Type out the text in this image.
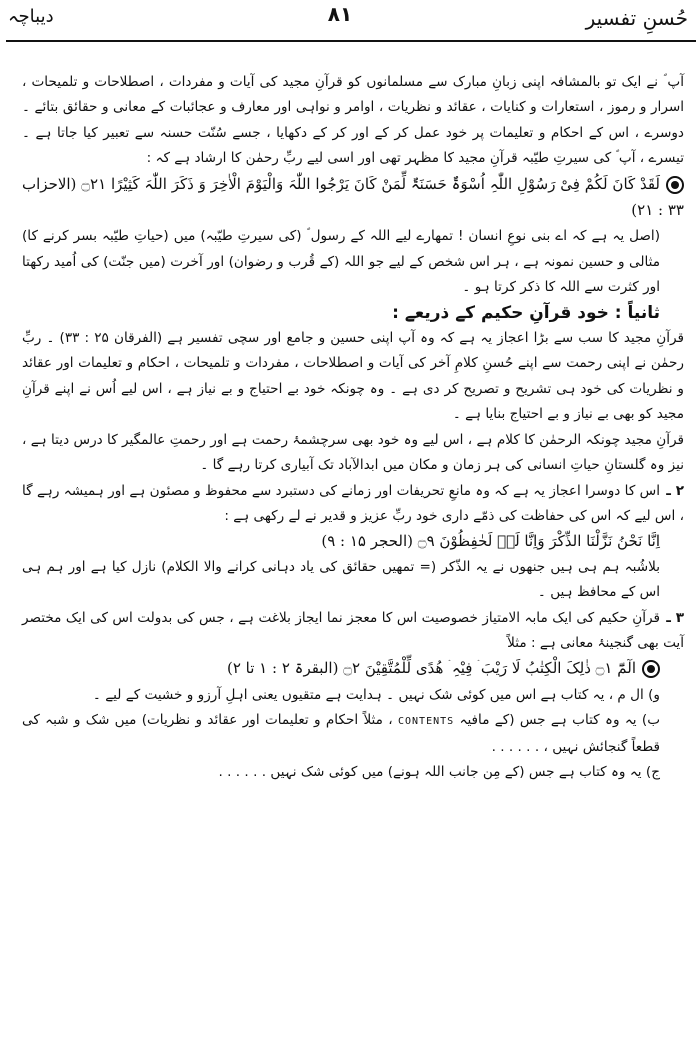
حُسنِ تفسیر
۸۱
دیباچہ

آپ ؐ نے ایک تو بالمشافہ اپنی زبانِ مبارک سے مسلمانوں کو قرآنِ مجید کی آیات و مفردات ، اصطلاحات و تلمیحات ، اسرار و رموز ، استعارات و کنایات ، عقائد و نظریات ، اوامر و نواہی اور معارف و عجائبات کے معانی و حقائق بتائے ۔ دوسرے ، اس کے احکام و تعلیمات پر خود عمل کر کے اور کر کے دکھایا ، جسے سُنّت حسنہ سے تعبیر کیا جاتا ہے ۔ تیسرے ، آپ ؐ کی سیرتِ طیّبہ قرآنِ مجید کا مظہر تھی اور اسی لیے ربِّ رحمٰن کا ارشاد ہے کہ :

لَقَدْ کَانَ لَکُمْ فِیْ رَسُوْلِ اللّٰہِ اُسْوَۃٌ حَسَنَۃٌ لِّمَنْ کَانَ یَرْجُوا اللّٰہَ وَالْیَوْمَ الْاٰخِرَ وَ ذَکَرَ اللّٰہَ کَثِیْرًا ۝۲۱ (الاحزاب ۳۳ : ۲۱)

(اصل یہ ہے کہ اے بنی نوعِ انسان ! تمھارے لیے اللہ کے رسول ؐ (کی سیرتِ طیّبہ) میں (حیاتِ طیّبہ بسر کرنے کا) مثالی و حسین نمونہ ہے ، ہر اس شخص کے لیے جو اللہ (کے قُرب و رضوان) اور آخرت (میں جنّت) کی اُمید رکھتا اور کثرت سے اللہ کا ذکر کرتا ہو ۔

ثانیاً : خود قرآنِ حکیم کے ذریعے :

قرآنِ مجید کا سب سے بڑا اعجاز یہ ہے کہ وہ آپ اپنی حسین و جامع اور سچی تفسیر ہے (الفرقان ۲۵ : ۳۳) ۔ ربِّ رحمٰن نے اپنی رحمت سے اپنے حُسنِ کلامِ آخر کی آیات و اصطلاحات ، مفردات و تلمیحات ، احکام و تعلیمات اور عقائد و نظریات کی خود ہی تشریح و تصریح کر دی ہے ۔ وہ چونکہ خود بے احتیاج و بے نیاز ہے ، اس لیے اُس نے اپنے قرآنِ مجید کو بھی بے نیاز و بے احتیاج بنایا ہے ۔

قرآنِ مجید چونکہ الرحمٰن کا کلام ہے ، اس لیے وہ خود بھی سرچشمۂ رحمت ہے اور رحمتِ عالمگیر کا درس دیتا ہے ، نیز وہ گلستانِ حیاتِ انسانی کی ہر زمان و مکان میں ابدالآباد تک آبیاری کرتا رہے گا ۔

۲ ـاس کا دوسرا اعجاز یہ ہے کہ وہ مانعِ تحریفات اور زمانے کی دستبرد سے محفوظ و مصئون ہے اور ہمیشہ رہے گا ، اس لیے کہ اس کی حفاظت کی ذمّے داری خود ربِّ عزیز و قدیر نے لے رکھی ہے :

اِنَّا نَحْنُ نَزَّلْنَا الذِّکْرَ وَاِنَّا لَہٗ لَحٰفِظُوْنَ ۝۹ (الحجر ۱۵ : ۹)

بلاشُبہ ہم ہی ہیں جنھوں نے یہ الذّکر (= تمھیں حقائق کی یاد دہانی کرانے والا الکلام) نازل کیا ہے اور ہم ہی اس کے محافظ ہیں ۔

۳ ـقرآنِ حکیم کی ایک مابہ الامتیاز خصوصیت اس کا معجز نما ایجاز بلاغت ہے ، جس کی بدولت اس کی ایک مختصر آیت بھی گنجینۂ معانی ہے : مثلاً

الٓمّٓ ۝۱ ذٰلِکَ الْکِتٰبُ لَا رَیْبَ ۛ فِیْہِ ۛ ھُدًی لِّلْمُتَّقِیْنَ ۝۲ (البقرۃ ۲ : ۱ تا ۲)

و) ال م ، یہ کتاب ہے اس میں کوئی شک نہیں ۔ ہدایت ہے متقیوں یعنی اہلِ آرزو و خشیت کے لیے ۔

ب) یہ وہ کتاب ہے جس (کے مافیہ CONTENTS ، مثلاً احکام و تعلیمات اور عقائد و نظریات) میں شک و شبہ کی قطعاً گنجائش نہیں ، . . . . . .

ج) یہ وہ کتاب ہے جس (کے مِن جانب اللہ ہونے) میں کوئی شک نہیں . . . . . .
